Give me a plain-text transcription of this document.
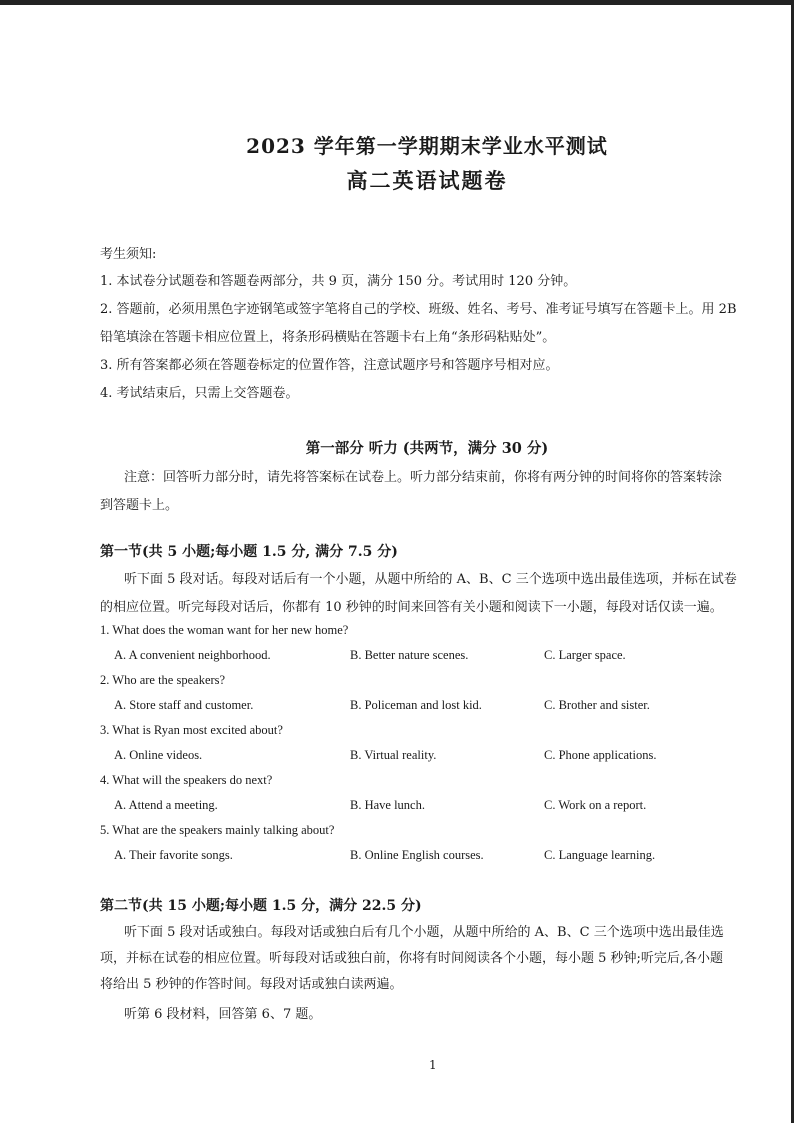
2023 学年第一学期期末学业水平测试
高二英语试题卷
考生须知:
1. 本试卷分试题卷和答题卷两部分，共 9 页，满分 150 分。考试用时 120 分钟。
2. 答题前，必须用黑色字迹钢笔或签字笔将自己的学校、班级、姓名、考号、准考证号填写在答题卡上。用 2B
铅笔填涂在答题卡相应位置上，将条形码横贴在答题卡右上角“条形码粘贴处”。
3. 所有答案都必须在答题卷标定的位置作答，注意试题序号和答题序号相对应。
4. 考试结束后，只需上交答题卷。
第一部分 听力 (共两节，满分 30 分)
注意：回答听力部分时，请先将答案标在试卷上。听力部分结束前，你将有两分钟的时间将你的答案转涂
到答题卡上。
第一节(共 5 小题;每小题 1.5 分, 满分 7.5 分)
听下面 5 段对话。每段对话后有一个小题，从题中所给的 A、B、C 三个选项中选出最佳选项，并标在试卷
的相应位置。听完每段对话后，你都有 10 秒钟的时间来回答有关小题和阅读下一小题，每段对话仅读一遍。
1. What does the woman want for her new home?
A. A convenient neighborhood.	B. Better nature scenes.	C. Larger space.
2. Who are the speakers?
A. Store staff and customer.	B. Policeman and lost kid.	C. Brother and sister.
3. What is Ryan most excited about?
A. Online videos.	B. Virtual reality.	C. Phone applications.
4. What will the speakers do next?
A. Attend a meeting.	B. Have lunch.	C. Work on a report.
5. What are the speakers mainly talking about?
A. Their favorite songs.	B. Online English courses.	C. Language learning.
第二节(共 15 小题;每小题 1.5 分，满分 22.5 分)
听下面 5 段对话或独白。每段对话或独白后有几个小题，从题中所给的 A、B、C 三个选项中选出最佳选
项，并标在试卷的相应位置。听每段对话或独白前，你将有时间阅读各个小题，每小题 5 秒钟;听完后,各小题
将给出 5 秒钟的作答时间。每段对话或独白读两遍。
听第 6 段材料，回答第 6、7 题。
1
